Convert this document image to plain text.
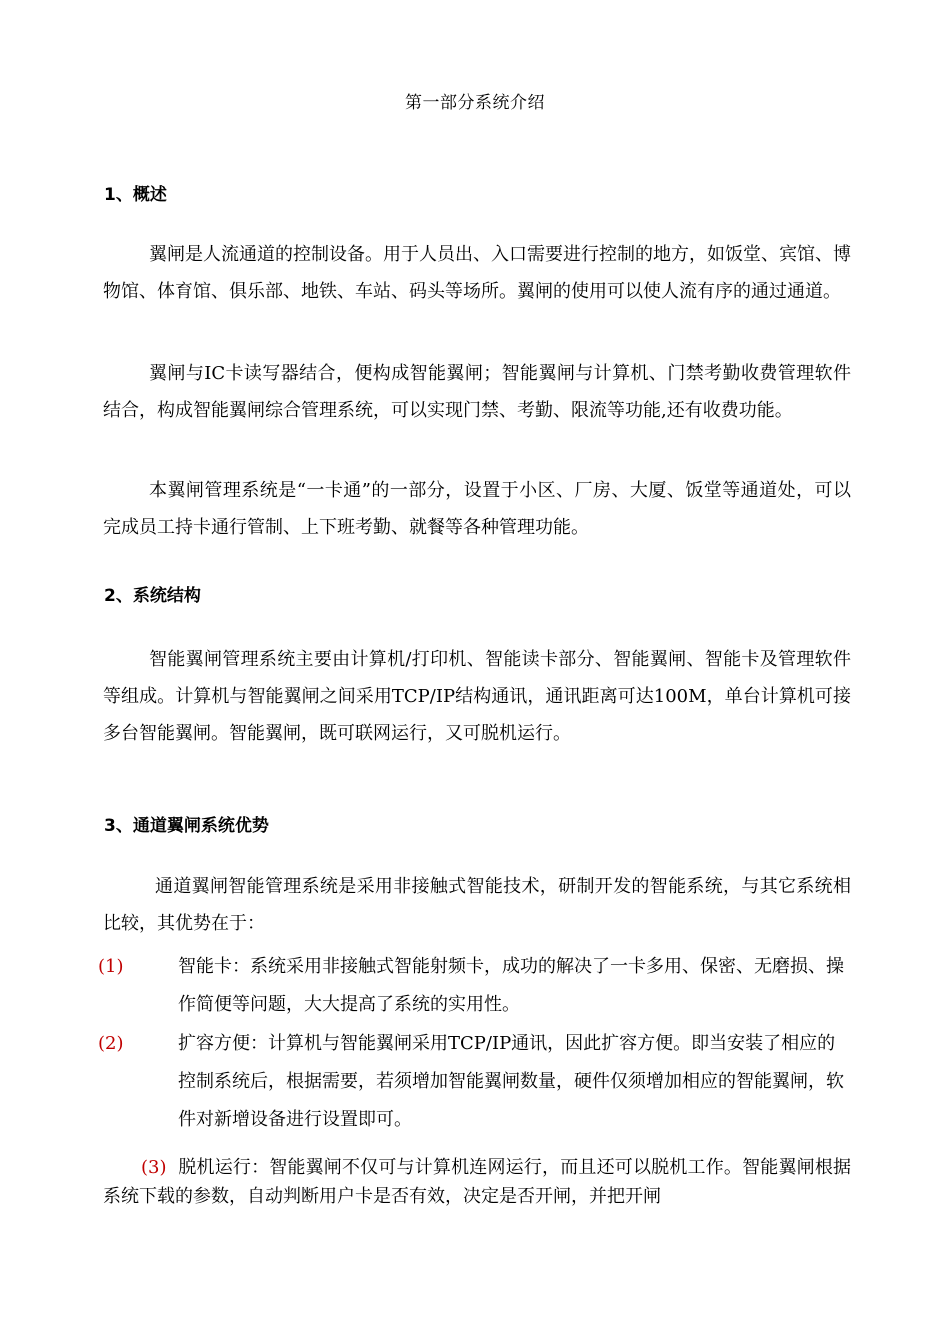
第一部分系统介绍
1、概述

翼闸是人流通道的控制设备。用于人员出、入口需要进行控制的地方，如饭堂、宾馆、博物馆、体育馆、俱乐部、地铁、车站、码头等场所。翼闸的使用可以使人流有序的通过通道。

翼闸与IC卡读写器结合，便构成智能翼闸；智能翼闸与计算机、门禁考勤收费管理软件结合，构成智能翼闸综合管理系统，可以实现门禁、考勤、限流等功能,还有收费功能。

本翼闸管理系统是“一卡通”的一部分，设置于小区、厂房、大厦、饭堂等通道处，可以完成员工持卡通行管制、上下班考勤、就餐等各种管理功能。

2、系统结构

智能翼闸管理系统主要由计算机/打印机、智能读卡部分、智能翼闸、智能卡及管理软件等组成。计算机与智能翼闸之间采用TCP/IP结构通讯，通讯距离可达100M，单台计算机可接多台智能翼闸。智能翼闸，既可联网运行，又可脱机运行。

3、通道翼闸系统优势

通道翼闸智能管理系统是采用非接触式智能技术，研制开发的智能系统，与其它系统相比较，其优势在于：

(1)	智能卡：系统采用非接触式智能射频卡，成功的解决了一卡多用、保密、无磨损、操作简便等问题，大大提高了系统的实用性。
(2)	扩容方便：计算机与智能翼闸采用TCP/IP通讯，因此扩容方便。即当安装了相应的控制系统后，根据需要，若须增加智能翼闸数量，硬件仅须增加相应的智能翼闸，软件对新增设备进行设置即可。

(3) 脱机运行：智能翼闸不仅可与计算机连网运行，而且还可以脱机工作。智能翼闸根据系统下载的参数，自动判断用户卡是否有效，决定是否开闸，并把开闸
